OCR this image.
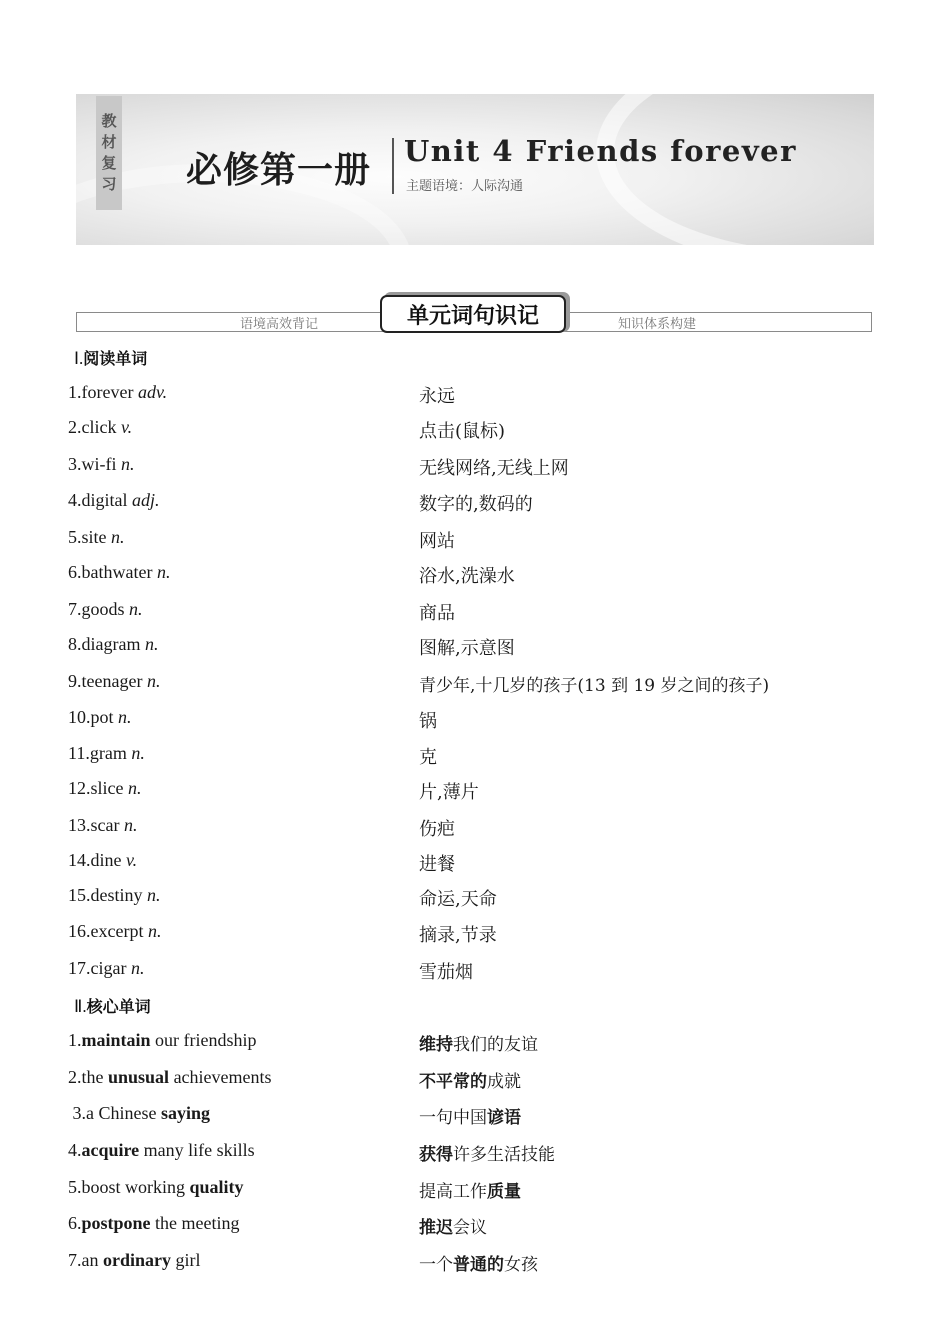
教
材
复
习 必修第一册 Unit 4 Friends forever
主题语境：人际沟通
语境高效背记	知识体系构建
单元词句识记
Ⅰ.阅读单词
1.forever adv.	永远
2.click v.	点击(鼠标)
3.wi-fi n.	无线网络,无线上网
4.digital adj.	数字的,数码的
5.site n.	网站
6.bathwater n.	浴水,洗澡水
7.goods n.	商品
8.diagram n.	图解,示意图
9.teenager n.	青少年,十几岁的孩子(13 到 19 岁之间的孩子)
10.pot n.	锅
11.gram n.	克
12.slice n.	片,薄片
13.scar n.	伤疤
14.dine v.	进餐
15.destiny n.	命运,天命
16.excerpt n.	摘录,节录
17.cigar n.	雪茄烟
Ⅱ.核心单词
1.maintain our friendship	维持我们的友谊
2.the unusual achievements	不平常的成就
3.a Chinese saying	一句中国谚语
4.acquire many life skills	获得许多生活技能
5.boost working quality	提高工作质量
6.postpone the meeting	推迟会议
7.an ordinary girl	一个普通的女孩
